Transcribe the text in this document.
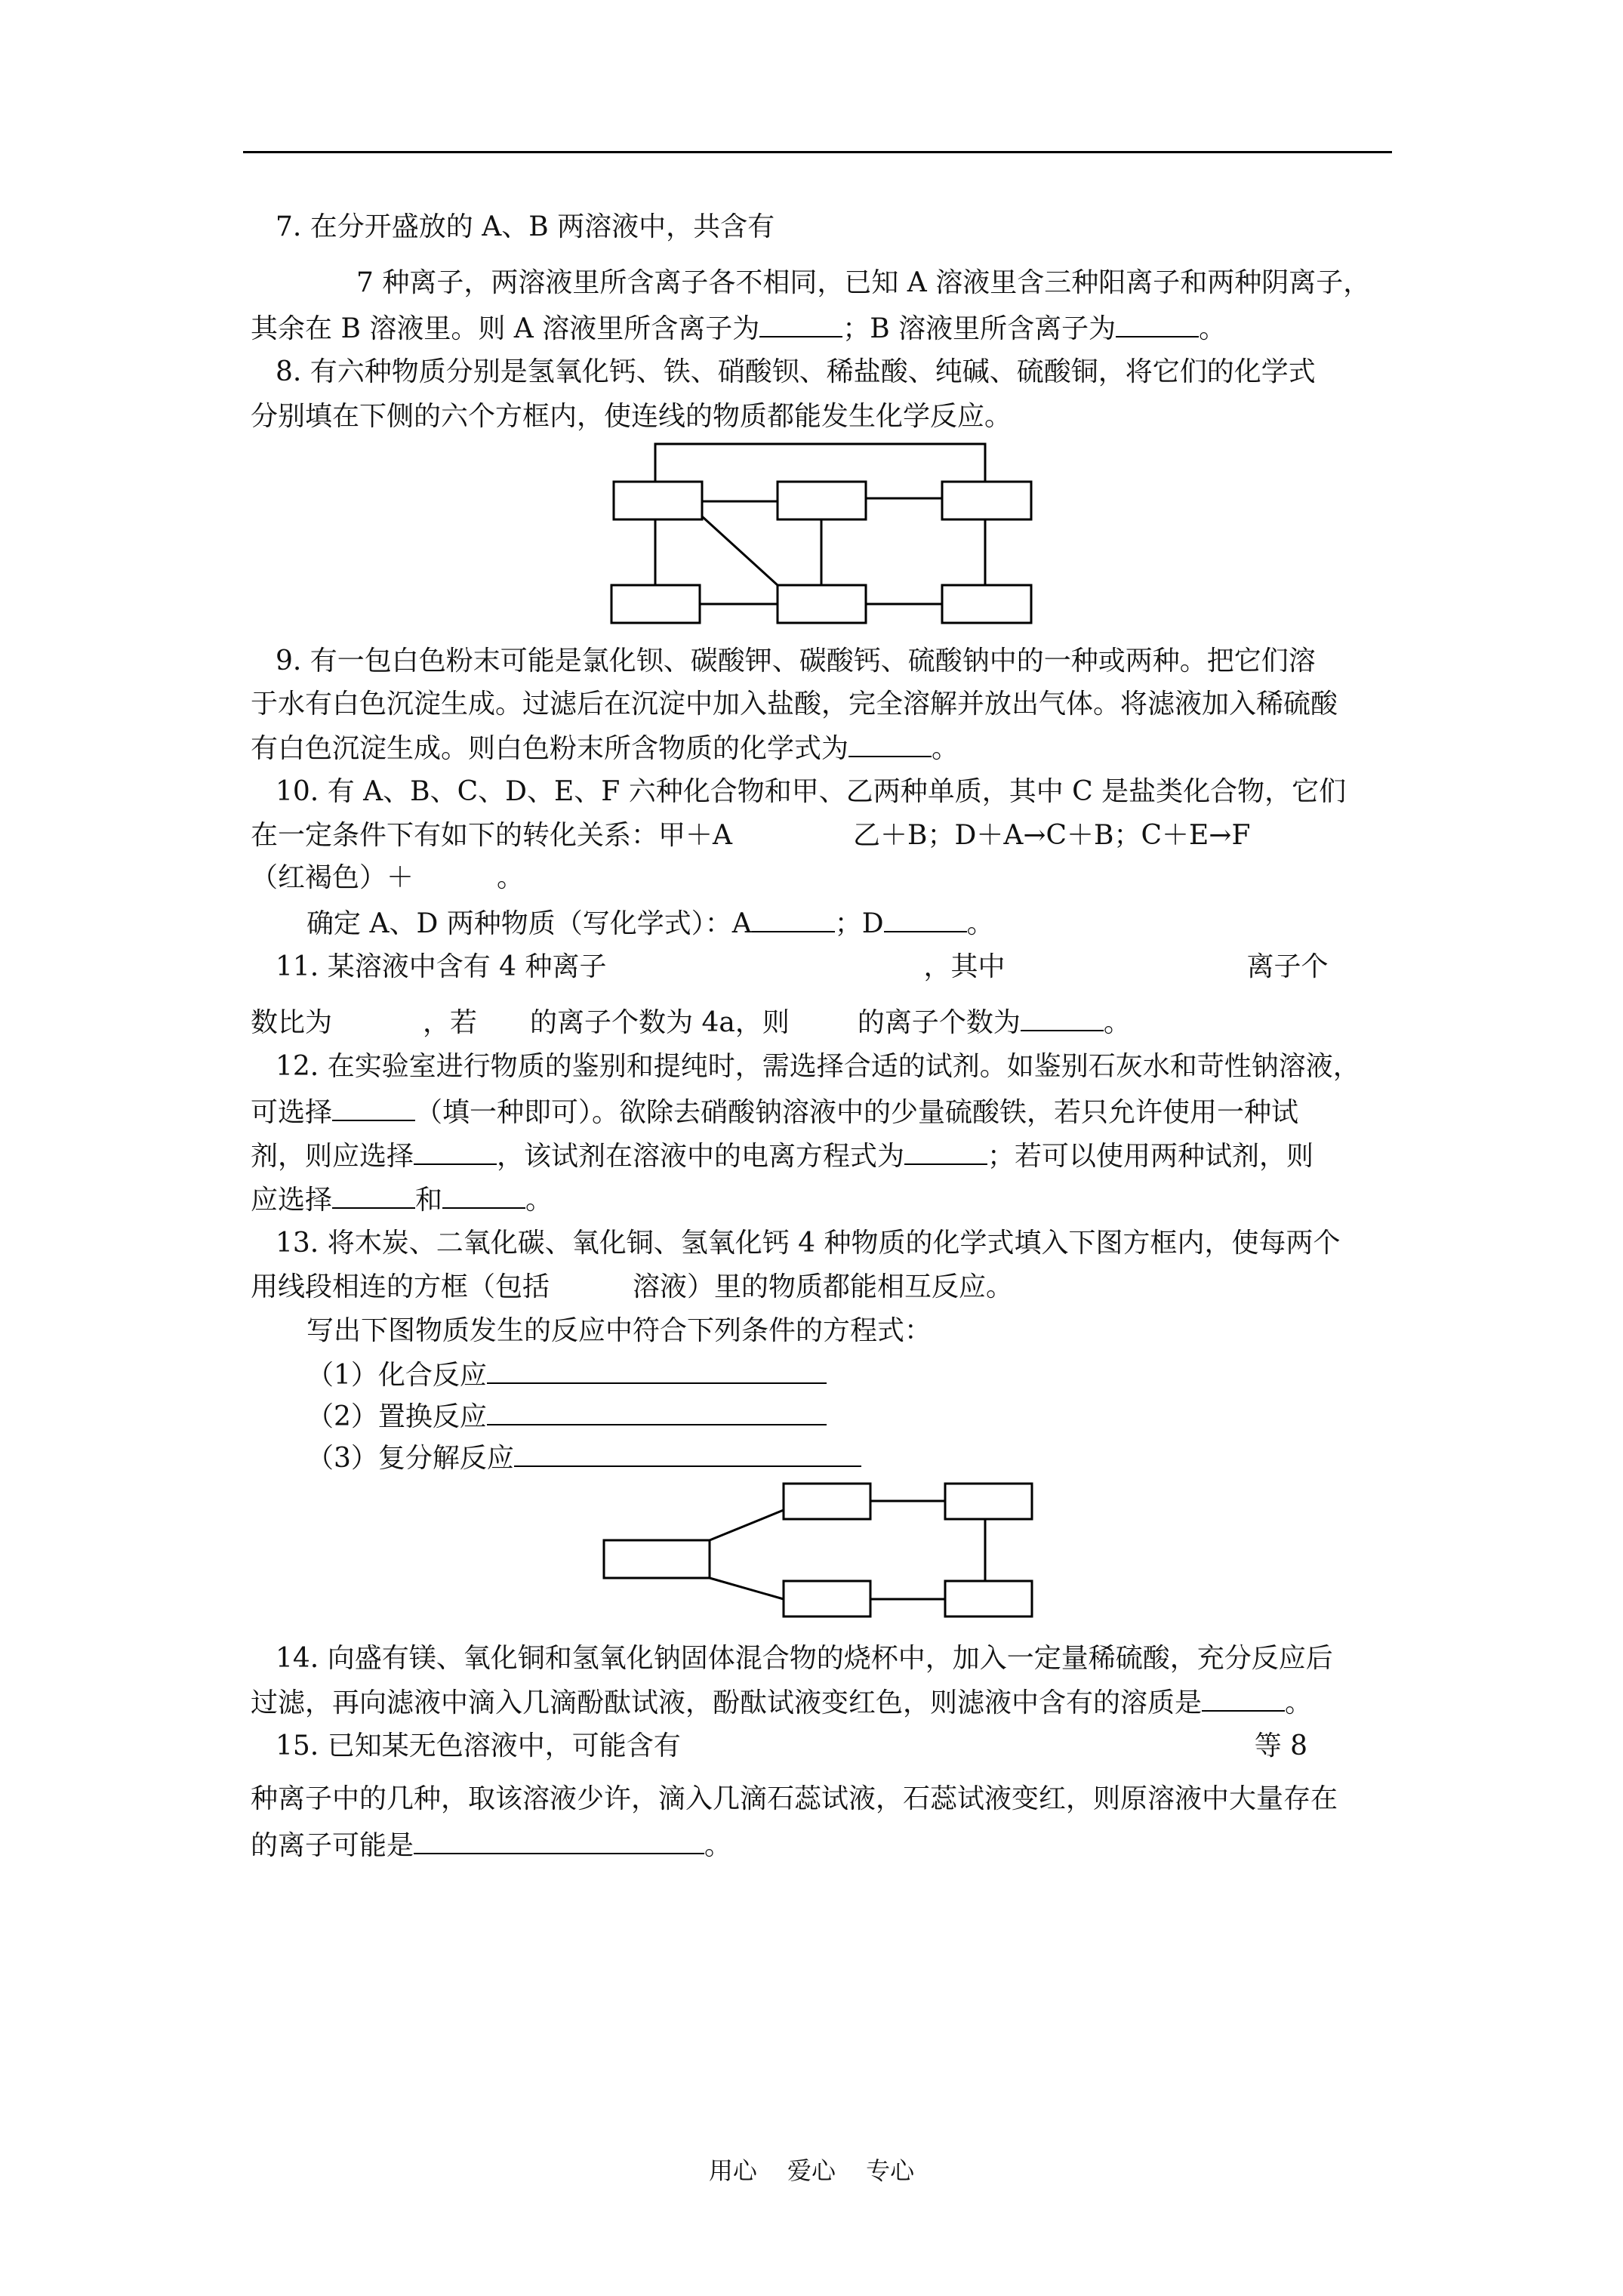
7. 在分开盛放的 A、B 两溶液中，共含有
7 种离子，两溶液里所含离子各不相同，已知 A 溶液里含三种阳离子和两种阴离子，
其余在 B 溶液里。则 A 溶液里所含离子为	；B 溶液里所含离子为	。
8. 有六种物质分别是氢氧化钙、铁、硝酸钡、稀盐酸、纯碱、硫酸铜，将它们的化学式
分别填在下侧的六个方框内，使连线的物质都能发生化学反应。
9. 有一包白色粉末可能是氯化钡、碳酸钾、碳酸钙、硫酸钠中的一种或两种。把它们溶
于水有白色沉淀生成。过滤后在沉淀中加入盐酸，完全溶解并放出气体。将滤液加入稀硫酸
有白色沉淀生成。则白色粉末所含物质的化学式为	。
10. 有 A、B、C、D、E、F 六种化合物和甲、乙两种单质，其中 C 是盐类化合物，它们
在一定条件下有如下的转化关系：甲＋A	乙＋B；D＋A→C＋B；C＋E→F
（红褐色）＋	。
确定 A、D 两种物质（写化学式）：A	；D	。
11. 某溶液中含有 4 种离子	，其中	离子个
数比为	，若 的离子个数为 4a，则	的离子个数为	。
12. 在实验室进行物质的鉴别和提纯时，需选择合适的试剂。如鉴别石灰水和苛性钠溶液，
可选择	（填一种即可）。欲除去硝酸钠溶液中的少量硫酸铁，若只允许使用一种试
剂，则应选择	，该试剂在溶液中的电离方程式为	；若可以使用两种试剂，则
应选择	和	。
13. 将木炭、二氧化碳、氧化铜、氢氧化钙 4 种物质的化学式填入下图方框内，使每两个
用线段相连的方框（包括	溶液）里的物质都能相互反应。
写出下图物质发生的反应中符合下列条件的方程式：
（1）化合反应
（2）置换反应
（3）复分解反应
14. 向盛有镁、氧化铜和氢氧化钠固体混合物的烧杯中，加入一定量稀硫酸，充分反应后
过滤，再向滤液中滴入几滴酚酞试液，酚酞试液变红色，则滤液中含有的溶质是	。
15. 已知某无色溶液中，可能含有	等 8
种离子中的几种，取该溶液少许，滴入几滴石蕊试液，石蕊试液变红，则原溶液中大量存在
的离子可能是	。
用心 爱心 专心
